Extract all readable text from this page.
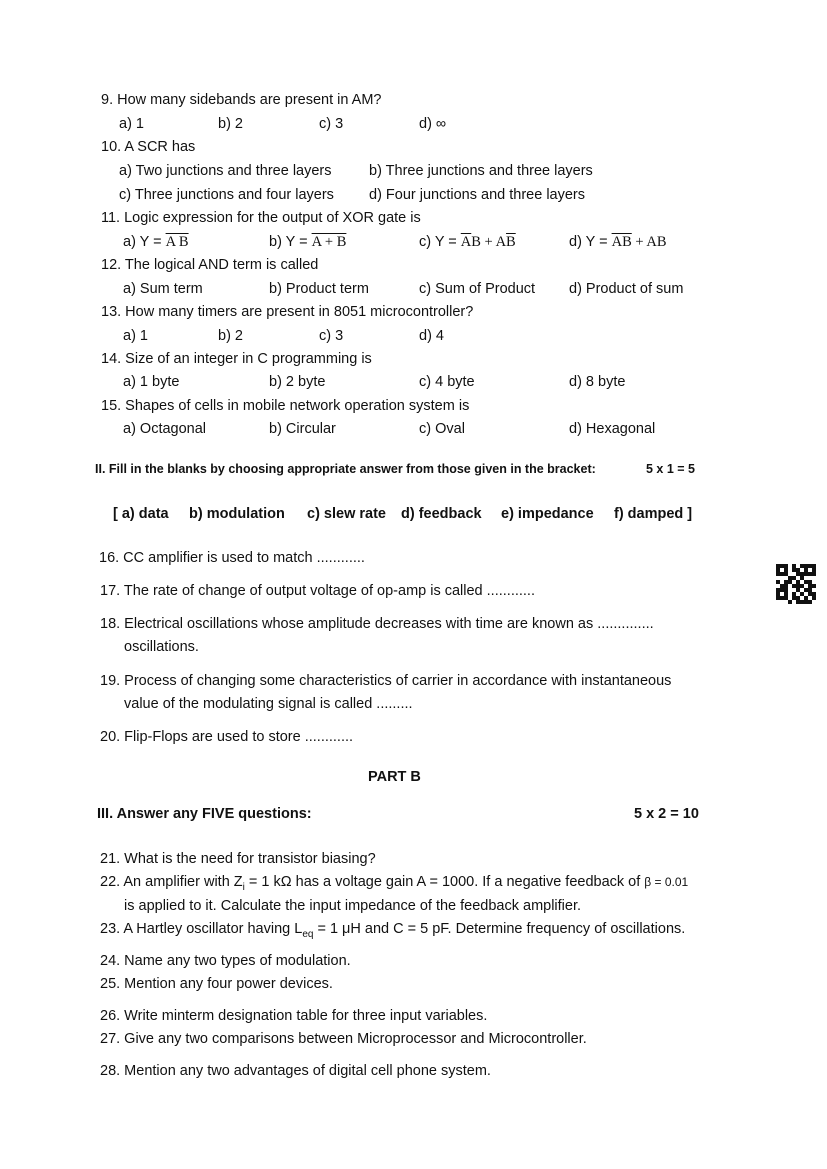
9. How many sidebands are present in AM?
a) 1	b) 2	c) 3	d) ∞
10. A SCR has
a) Two junctions and three layers	b) Three junctions and three layers
c) Three junctions and four layers d) Four junctions and three layers
11. Logic expression for the output of XOR gate is
a) Y = A B	b) Y = A + B	c) $Y = \overline{A}B + A\overline{B}$	d) $Y = \overline{AB}$ + AB
12. The logical AND term is called
a) Sum term	b) Product term	c) Sum of Product d) Product of sum
13. How many timers are present in 8051 microcontroller?
a) 1	b) 2	c) 3	d) 4
14. Size of an integer in C programming is
a) 1 byte	b) 2 byte	c) 4 byte	d) 8 byte
15. Shapes of cells in mobile network operation system is
a) Octagonal	b) Circular	c) Oval	d) Hexagonal
II. Fill in the blanks by choosing appropriate answer from those given in the bracket:	5 x 1 = 5
[ a) data b) modulation c) slew rate d) feedback e) impedance f) damped ]
16. CC amplifier is used to match ............
17. The rate of change of output voltage of op-amp is called ............
18. Electrical oscillations whose amplitude decreases with time are known as ..............
oscillations.
19. Process of changing some characteristics of carrier in accordance with instantaneous
value of the modulating signal is called .........
20. Flip-Flops are used to store ............
PART B
III. Answer any FIVE questions:	5 x 2 = 10
21. What is the need for transistor biasing?
22. An amplifier with $Z_i = 1$ kΩ has a voltage gain A = 1000. If a negative feedback of β = 0.01
is applied to it. Calculate the input impedance of the feedback amplifier.
23. A Hartley oscillator having $L_{eq} = 1$ μH and C = 5 pF. Determine frequency of oscillations.
24. Name any two types of modulation.
25. Mention any four power devices.
26. Write minterm designation table for three input variables.
27. Give any two comparisons between Microprocessor and Microcontroller.
28. Mention any two advantages of digital cell phone system.
